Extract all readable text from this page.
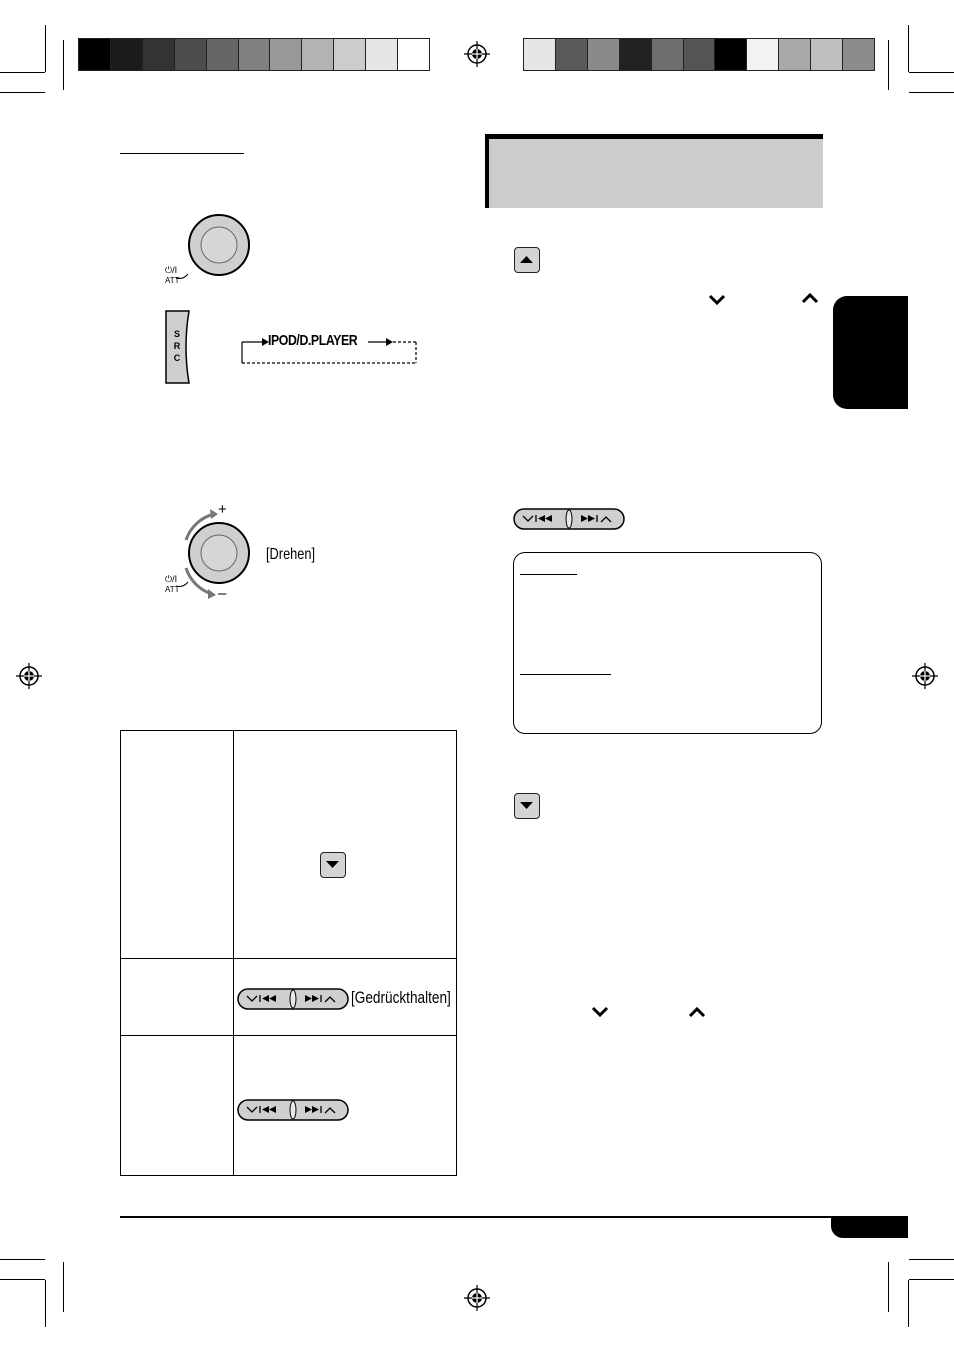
⏻/I
ATT
S R C
IPOD/D.PLAYER
+
–
⏻/I
ATT
[Drehen]
[Gedrückthalten]
